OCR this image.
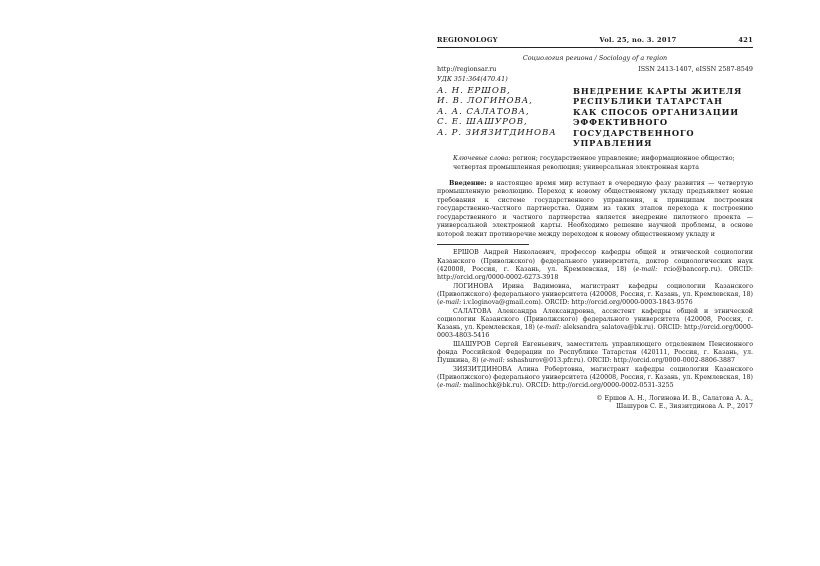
REGIONOLOGY	Vol. 25, no. 3. 2017	421
Социология региона / Sociology of a region
http://regionsar.ru	ISSN 2413-1407, eISSN 2587-8549
УДК 351:364(470.41)
А. Н. ЕРШОВ,
И. В. ЛОГИНОВА,
А. А. САЛАТОВА,
С. Е. ШАШУРОВ,
А. Р. ЗИЯЗИТДИНОВА
ВНЕДРЕНИЕ КАРТЫ ЖИТЕЛЯ
РЕСПУБЛИКИ ТАТАРСТАН
КАК СПОСОБ ОРГАНИЗАЦИИ
ЭФФЕКТИВНОГО
ГОСУДАРСТВЕННОГО
УПРАВЛЕНИЯ
Ключевые слова: регион; государственное управление; информационное общество; четвертая промышленная революция; универсальная электронная карта
Введение: в настоящее время мир вступает в очередную фазу развития — четвертую промышленную революцию. Переход к новому общественному укладу предъявляет новые требования к системе государственного управления, к принципам построения государственно-частного партнерства. Одним из таких этапов перехода к построению государственного и частного партнерства является внедрение пилотного проекта — универсальной электронной карты. Необходимо решение научной проблемы, в основе которой лежит противоречие между переходом к новому общественному укладу и
ЕРШОВ Андрей Николаевич, профессор кафедры общей и этнической социологии Казанского (Приволжского) федерального университета, доктор социологических наук (420008, Россия, г. Казань, ул. Кремлевская, 18) (e-mail: rcio@bancorp.ru). ORCID: http://orcid.org/0000-0002-6273-3918
ЛОГИНОВА Ирина Вадимовна, магистрант кафедры социологии Казанского (Приволжского) федерального университета (420008, Россия, г. Казань, ул. Кремлевская, 18) (e-mail: i.v.loginova@gmail.com). ORCID: http://orcid.org/0000-0003-1843-9576
САЛАТОВА Александра Александровна, ассистент кафедры общей и этнической социологии Казанского (Приволжского) федерального университета (420008, Россия, г. Казань, ул. Кремлевская, 18) (e-mail: aleksandra_salatova@bk.ru). ORCID: http://orcid.org/0000-0003-4803-5416
ШАШУРОВ Сергей Евгеньевич, заместитель управляющего отделением Пенсионного фонда Российской Федерации по Республике Татарстан (420111, Россия, г. Казань, ул. Пушкина, 8) (e-mail: sshashurov@013.pfr.ru). ORCID: http://orcid.org/0000-0002-8806-3887
ЗИЯЗИТДИНОВА Алина Робертовна, магистрант кафедры социологии Казанского (Приволжского) федерального университета (420008, Россия, г. Казань, ул. Кремлевская, 18) (e-mail: malinochk@bk.ru). ORCID: http://orcid.org/0000-0002-0531-3255
© Ершов А. Н., Логинова И. В., Салатова А. А.,
Шашуров С. Е., Зиязитдинова А. Р., 2017
